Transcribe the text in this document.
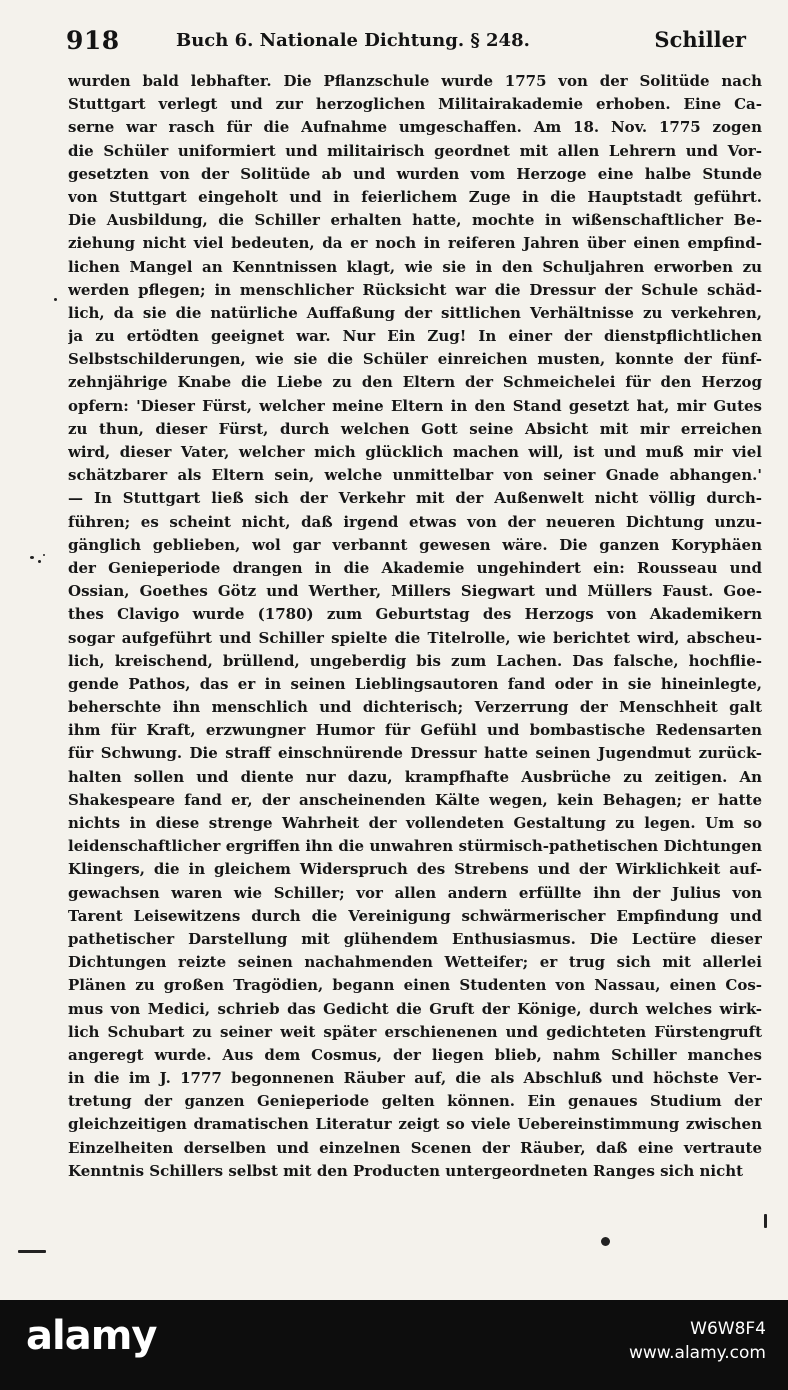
918	Buch 6. Nationale Dichtung. § 248.	Schiller
wurden bald lebhafter. Die Pflanzschule wurde 1775 von der Solitüde nach
Stuttgart verlegt und zur herzoglichen Militairakademie erhoben. Eine Ca-
serne war rasch für die Aufnahme umgeschaffen. Am 18. Nov. 1775 zogen
die Schüler uniformiert und militairisch geordnet mit allen Lehrern und Vor-
gesetzten von der Solitüde ab und wurden vom Herzoge eine halbe Stunde
von Stuttgart eingeholt und in feierlichem Zuge in die Hauptstadt geführt.
Die Ausbildung, die Schiller erhalten hatte, mochte in wißenschaftlicher Be-
ziehung nicht viel bedeuten, da er noch in reiferen Jahren über einen empfind-
lichen Mangel an Kenntnissen klagt, wie sie in den Schuljahren erworben zu
werden pflegen; in menschlicher Rücksicht war die Dressur der Schule schäd-
lich, da sie die natürliche Auffaßung der sittlichen Verhältnisse zu verkehren,
ja zu ertödten geeignet war. Nur Ein Zug! In einer der dienstpflichtlichen
Selbstschilderungen, wie sie die Schüler einreichen musten, konnte der fünf-
zehnjährige Knabe die Liebe zu den Eltern der Schmeichelei für den Herzog
opfern: 'Dieser Fürst, welcher meine Eltern in den Stand gesetzt hat, mir Gutes
zu thun, dieser Fürst, durch welchen Gott seine Absicht mit mir erreichen
wird, dieser Vater, welcher mich glücklich machen will, ist und muß mir viel
schätzbarer als Eltern sein, welche unmittelbar von seiner Gnade abhangen.'
— In Stuttgart ließ sich der Verkehr mit der Außenwelt nicht völlig durch-
führen; es scheint nicht, daß irgend etwas von der neueren Dichtung unzu-
gänglich geblieben, wol gar verbannt gewesen wäre. Die ganzen Koryphäen
der Genieperiode drangen in die Akademie ungehindert ein: Rousseau und
Ossian, Goethes Götz und Werther, Millers Siegwart und Müllers Faust. Goe-
thes Clavigo wurde (1780) zum Geburtstag des Herzogs von Akademikern
sogar aufgeführt und Schiller spielte die Titelrolle, wie berichtet wird, abscheu-
lich, kreischend, brüllend, ungeberdig bis zum Lachen. Das falsche, hochflie-
gende Pathos, das er in seinen Lieblingsautoren fand oder in sie hineinlegte,
beherschte ihn menschlich und dichterisch; Verzerrung der Menschheit galt
ihm für Kraft, erzwungner Humor für Gefühl und bombastische Redensarten
für Schwung. Die straff einschnürende Dressur hatte seinen Jugendmut zurück-
halten sollen und diente nur dazu, krampfhafte Ausbrüche zu zeitigen. An
Shakespeare fand er, der anscheinenden Kälte wegen, kein Behagen; er hatte
nichts in diese strenge Wahrheit der vollendeten Gestaltung zu legen. Um so
leidenschaftlicher ergriffen ihn die unwahren stürmisch-pathetischen Dichtungen
Klingers, die in gleichem Widerspruch des Strebens und der Wirklichkeit auf-
gewachsen waren wie Schiller; vor allen andern erfüllte ihn der Julius von
Tarent Leisewitzens durch die Vereinigung schwärmerischer Empfindung und
pathetischer Darstellung mit glühendem Enthusiasmus. Die Lectüre dieser
Dichtungen reizte seinen nachahmenden Wetteifer; er trug sich mit allerlei
Plänen zu großen Tragödien, begann einen Studenten von Nassau, einen Cos-
mus von Medici, schrieb das Gedicht die Gruft der Könige, durch welches wirk-
lich Schubart zu seiner weit später erschienenen und gedichteten Fürstengruft
angeregt wurde. Aus dem Cosmus, der liegen blieb, nahm Schiller manches
in die im J. 1777 begonnenen Räuber auf, die als Abschluß und höchste Ver-
tretung der ganzen Genieperiode gelten können. Ein genaues Studium der
gleichzeitigen dramatischen Literatur zeigt so viele Uebereinstimmung zwischen
Einzelheiten derselben und einzelnen Scenen der Räuber, daß eine vertraute
Kenntnis Schillers selbst mit den Producten untergeordneten Ranges sich nicht
alamy	W6W8F4
www.alamy.com
